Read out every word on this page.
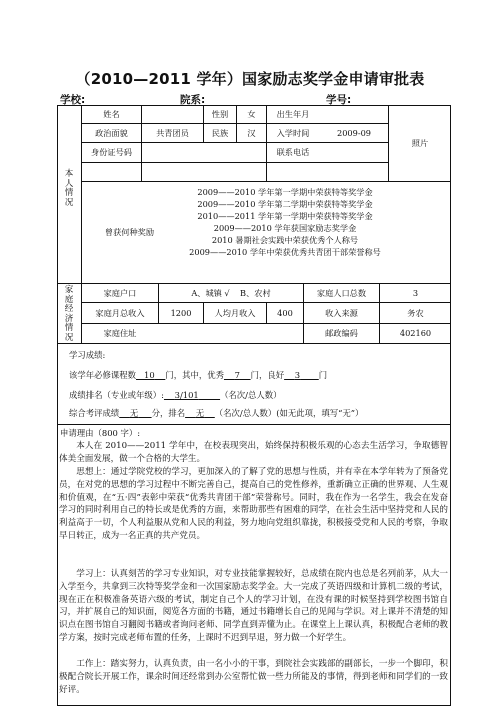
（2010—2011 学年）国家励志奖学金申请审批表
学校:	院系:	学号:
本人情况
姓名	性别	女	出生年月
政治面貌	共青团员	民族	汉	入学时间	2009-09
照片
身份证号码	联系电话
曾获何种奖励
2009——2010 学年第一学期中荣获特等奖学金
2009——2010 学年第二学期中荣获特等奖学金
2010——2011 学年第一学期中荣获特等奖学金
2009——2010 学年获国家励志奖学金
2010 暑期社会实践中荣获优秀个人称号
2009——2010 学年中荣获优秀共青团干部荣誉称号
家庭经济情况
家庭户口	A、城镇 √    B、农村	家庭人口总数	3
家庭月总收入	1200	人均月收入	400	收入来源	务农
家庭住址	邮政编码	402160
学习成绩:
该学年必修课程数 10 门，其中，优秀 7 门，良好 3 门
成绩排名（专业或年级）: 3/101	（名次/总人数）
综合考评成绩 无 分，排名 无 （名次/总人数）(如无此项，填写“无”）
申请理由（800 字）:
本人在 2010——2011 学年中，在校表现突出，始终保持积极乐观的心态去生活学习，争取德智体美全面发展，做一个合格的大学生。
思想上：通过学院党校的学习，更加深入的了解了党的思想与性质，并有幸在本学年转为了预备党员，在对党的思想的学习过程中不断完善自己，提高自己的党性修养，重新确立正确的世界观、人生观和价值观，在“五·四”表彰中荣获“优秀共青团干部”荣誉称号。同时，我在作为一名学生，我会在发奋学习的同时利用自己的特长或是优秀的方面，来帮助那些有困难的同学，在社会生活中坚持党和人民的利益高于一切，个人利益服从党和人民的利益，努力地向党组织靠拢，积极接受党和人民的考察，争取早日转正，成为一名正真的共产党员。
学习上：认真刻苦的学习专业知识，对专业技能掌握较好，总成绩在院内也总是名列前茅，从大一入学至今，共拿到三次特等奖学金和一次国家励志奖学金。大一完成了英语四级和计算机二级的考试，现在正在积极准备英语六级的考试，制定自己个人的学习计划，在没有课的时候坚持到学校图书馆自习，并扩展自己的知识面，阅览各方面的书籍，通过书籍增长自己的见闻与学识。对上课并不清楚的知识点在图书馆自习翻阅书籍或者询问老师、同学直到弄懂为止。在课堂上上课认真，积极配合老师的教学方案，按时完成老师布置的任务，上课时不迟到早退，努力做一个好学生。
工作上：踏实努力，认真负责，由一名小小的干事，到院社会实践部的副部长，一步一个脚印，积极配合院长开展工作，课余时间还经常到办公室帮忙做一些力所能及的事情，得到老师和同学们的一致好评。
